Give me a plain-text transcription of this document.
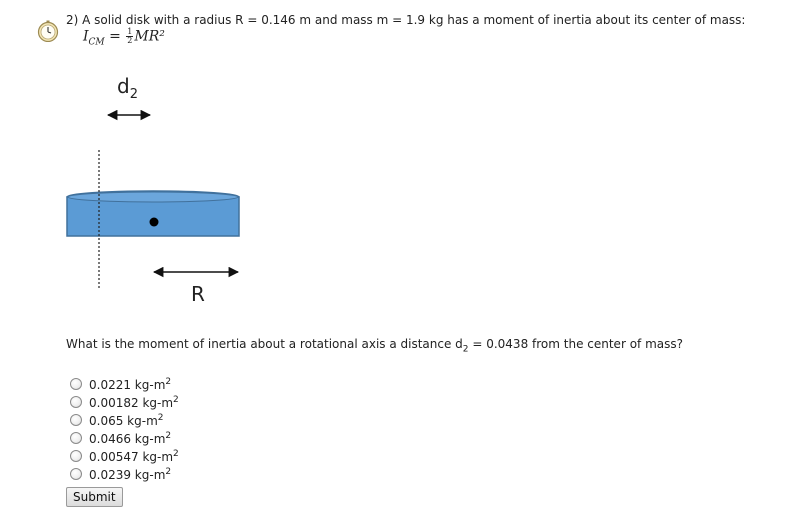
2) A solid disk with a radius R = 0.146 m and mass m = 1.9 kg has a moment of inertia about its center of mass:
$I_{CM} = \frac{1}{2} MR^2$
$d_2$
R
What is the moment of inertia about a rotational axis a distance $d_2 = 0.0438$ from the center of mass?
0.0221 $kg-m^2$
0.00182 $kg-m^2$
0.065 $kg-m^2$
0.0466 $kg-m^2$
0.00547 $kg-m^2$
0.0239 $kg-m^2$
Submit
